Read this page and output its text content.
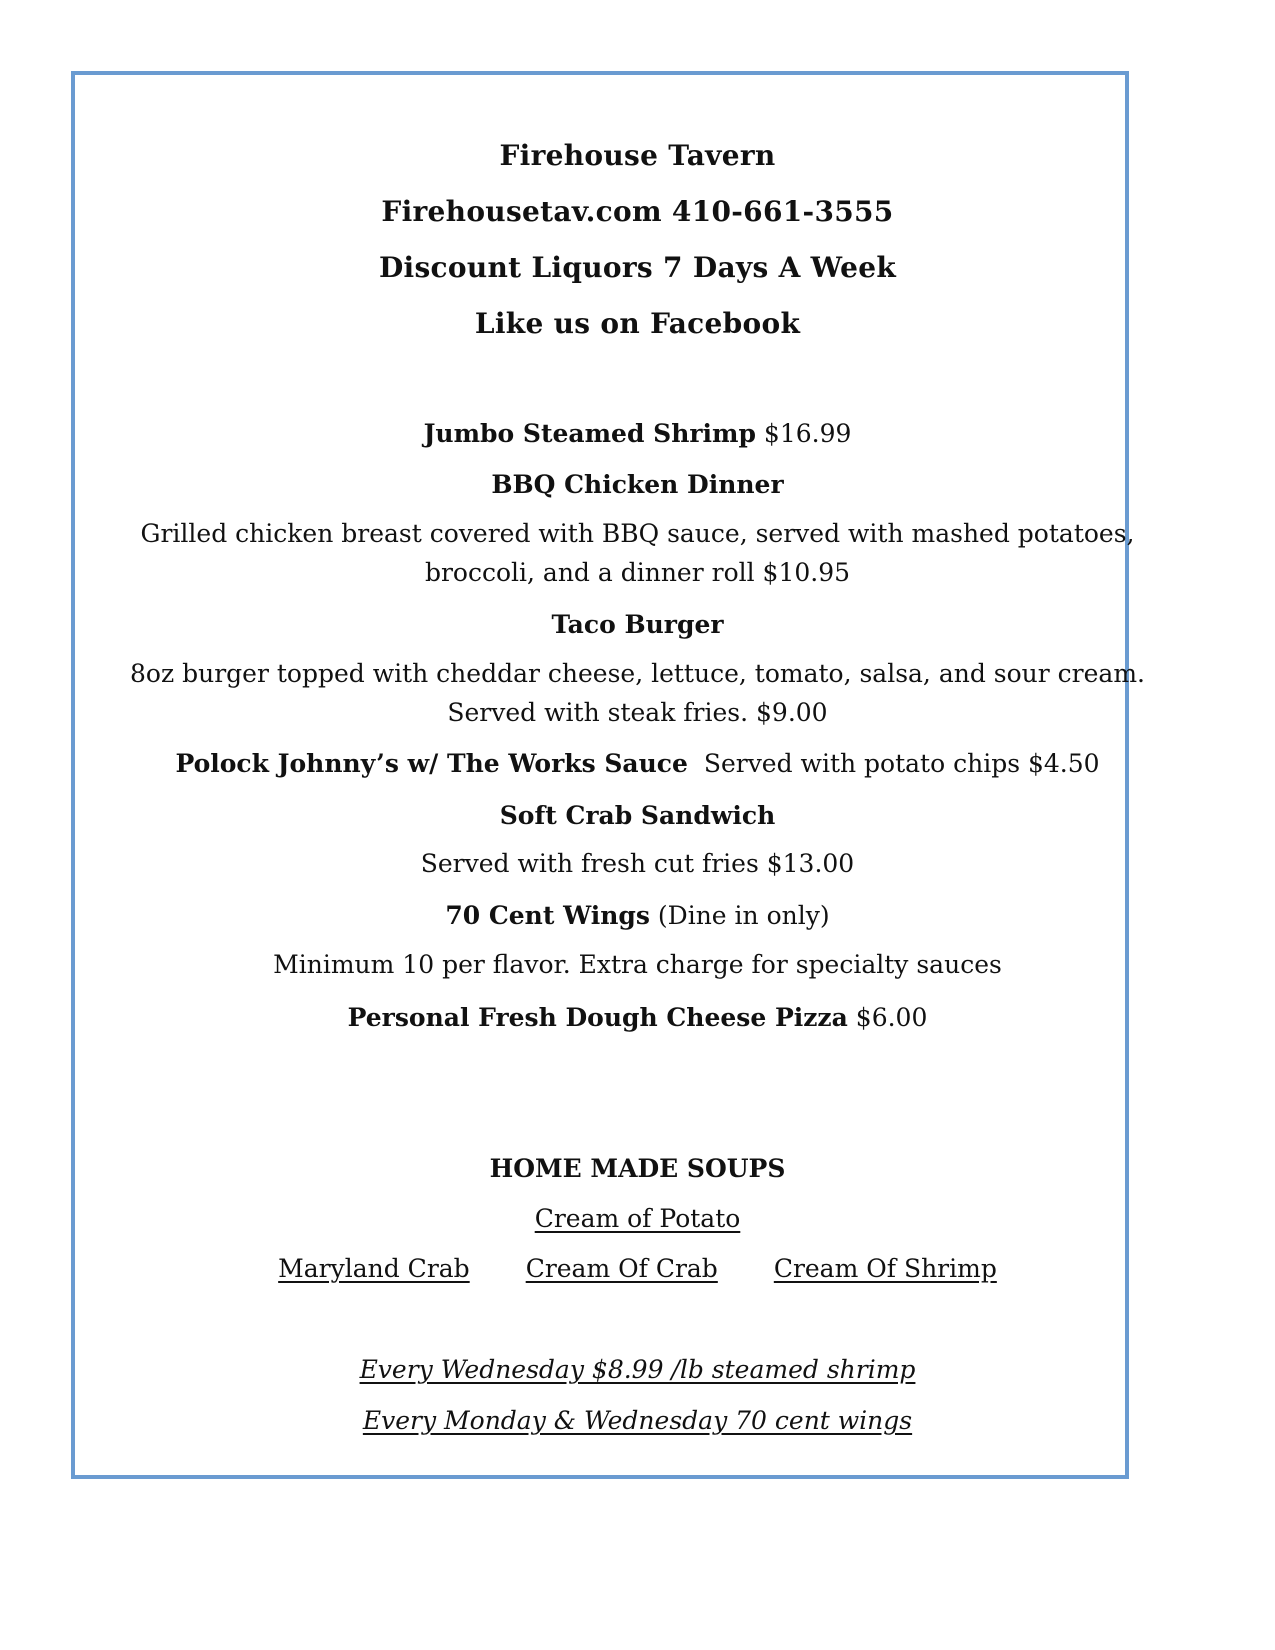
Firehouse Tavern
Firehousetav.com 410-661-3555
Discount Liquors 7 Days A Week
Like us on Facebook
Jumbo Steamed Shrimp $16.99
BBQ Chicken Dinner
Grilled chicken breast covered with BBQ sauce, served with mashed potatoes,
broccoli, and a dinner roll $10.95
Taco Burger
8oz burger topped with cheddar cheese, lettuce, tomato, salsa, and sour cream.
Served with steak fries. $9.00
Polock Johnny’s w/ The Works Sauce  Served with potato chips $4.50
Soft Crab Sandwich
Served with fresh cut fries $13.00
70 Cent Wings (Dine in only)
Minimum 10 per flavor. Extra charge for specialty sauces
Personal Fresh Dough Cheese Pizza $6.00
HOME MADE SOUPS
Cream of Potato
Maryland Crab Cream Of Crab Cream Of Shrimp
Every Wednesday $8.99 /lb steamed shrimp
Every Monday & Wednesday 70 cent wings
